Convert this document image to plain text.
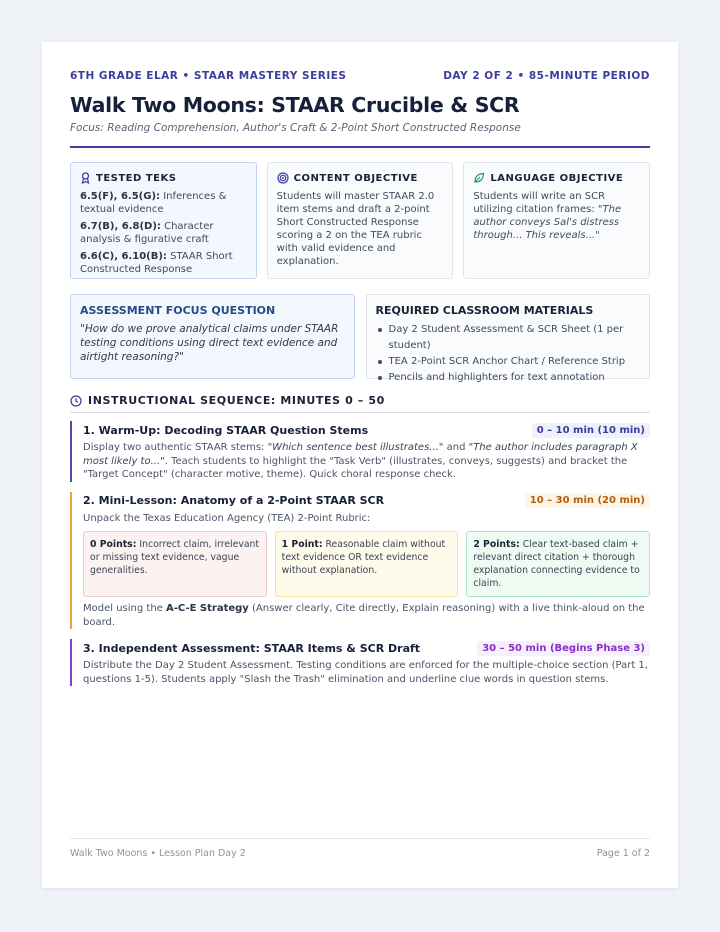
6TH GRADE ELAR • STAAR MASTERY SERIES	DAY 2 OF 2 • 85-MINUTE PERIOD
Walk Two Moons: STAAR Crucible & SCR
Focus: Reading Comprehension, Author's Craft & 2-Point Short Constructed Response
TESTED TEKS

6.5(F), 6.5(G): Inferences & textual evidence

6.7(B), 6.8(D): Character analysis & figurative craft

6.6(C), 6.10(B): STAAR Short Constructed Response

CONTENT OBJECTIVE

Students will master STAAR 2.0 item stems and draft a 2-point Short Constructed Response scoring a 2 on the TEA rubric with valid evidence and explanation.

LANGUAGE OBJECTIVE

Students will write an SCR utilizing citation frames: "The author conveys Sal's distress through... This reveals..."

ASSESSMENT FOCUS QUESTION
"How do we prove analytical claims under STAAR testing conditions using direct text evidence and airtight reasoning?"
REQUIRED CLASSROOM MATERIALS
Day 2 Student Assessment & SCR Sheet (1 per student)
TEA 2-Point SCR Anchor Chart / Reference Strip
Pencils and highlighters for text annotation
INSTRUCTIONAL SEQUENCE: MINUTES 0 – 50
1. Warm-Up: Decoding STAAR Question Stems	0 – 10 min (10 min)
Display two authentic STAAR stems: "Which sentence best illustrates..." and "The author includes paragraph X most likely to...". Teach students to highlight the "Task Verb" (illustrates, conveys, suggests) and bracket the "Target Concept" (character motive, theme). Quick choral response check.
2. Mini-Lesson: Anatomy of a 2-Point STAAR SCR	10 – 30 min (20 min)
Unpack the Texas Education Agency (TEA) 2-Point Rubric:
0 Points: Incorrect claim, irrelevant or missing text evidence, vague generalities.
1 Point: Reasonable claim without text evidence OR text evidence without explanation.
2 Points: Clear text-based claim + relevant direct citation + thorough explanation connecting evidence to claim.
Model using the A-C-E Strategy (Answer clearly, Cite directly, Explain reasoning) with a live think-aloud on the board.
3. Independent Assessment: STAAR Items & SCR Draft	30 – 50 min (Begins Phase 3)
Distribute the Day 2 Student Assessment. Testing conditions are enforced for the multiple-choice section (Part 1, questions 1-5). Students apply "Slash the Trash" elimination and underline clue words in question stems.
Walk Two Moons • Lesson Plan Day 2	Page 1 of 2
